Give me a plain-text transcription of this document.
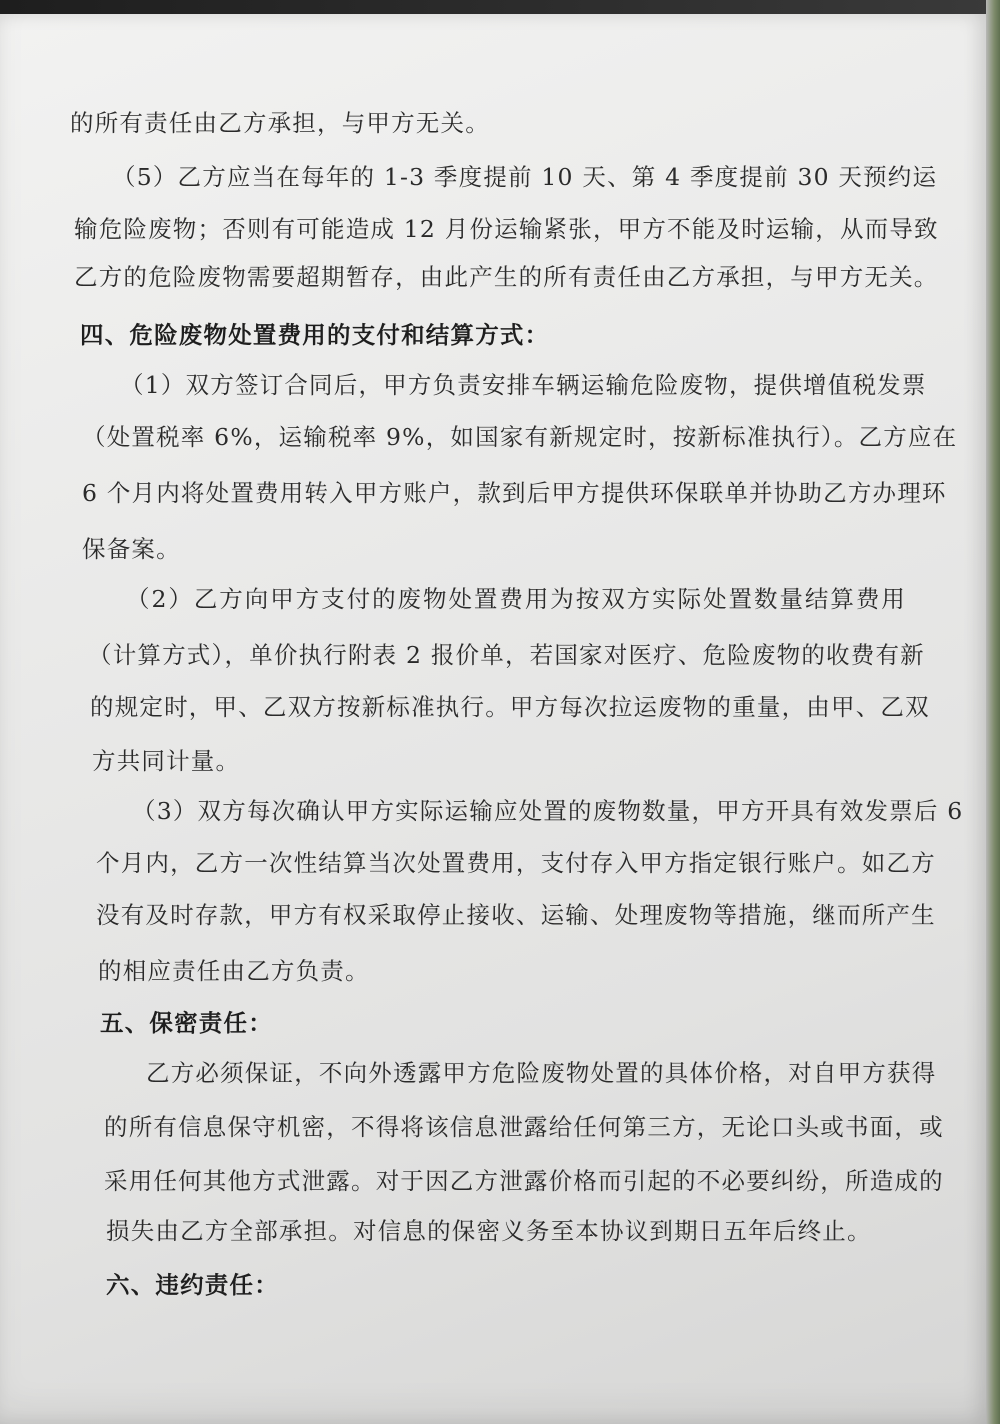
的所有责任由乙方承担，与甲方无关。
（5）乙方应当在每年的 1-3 季度提前 10 天、第 4 季度提前 30 天预约运
输危险废物；否则有可能造成 12 月份运输紧张，甲方不能及时运输，从而导致
乙方的危险废物需要超期暂存，由此产生的所有责任由乙方承担，与甲方无关。
四、危险废物处置费用的支付和结算方式：
（1）双方签订合同后，甲方负责安排车辆运输危险废物，提供增值税发票
（处置税率 6%，运输税率 9%，如国家有新规定时，按新标准执行）。乙方应在
6 个月内将处置费用转入甲方账户，款到后甲方提供环保联单并协助乙方办理环
保备案。
（2）乙方向甲方支付的废物处置费用为按双方实际处置数量结算费用
（计算方式），单价执行附表 2 报价单，若国家对医疗、危险废物的收费有新
的规定时，甲、乙双方按新标准执行。甲方每次拉运废物的重量，由甲、乙双
方共同计量。
（3）双方每次确认甲方实际运输应处置的废物数量，甲方开具有效发票后 6
个月内，乙方一次性结算当次处置费用，支付存入甲方指定银行账户。如乙方
没有及时存款，甲方有权采取停止接收、运输、处理废物等措施，继而所产生
的相应责任由乙方负责。
五、保密责任：
乙方必须保证，不向外透露甲方危险废物处置的具体价格，对自甲方获得
的所有信息保守机密，不得将该信息泄露给任何第三方，无论口头或书面，或
采用任何其他方式泄露。对于因乙方泄露价格而引起的不必要纠纷，所造成的
损失由乙方全部承担。对信息的保密义务至本协议到期日五年后终止。
六、违约责任：
